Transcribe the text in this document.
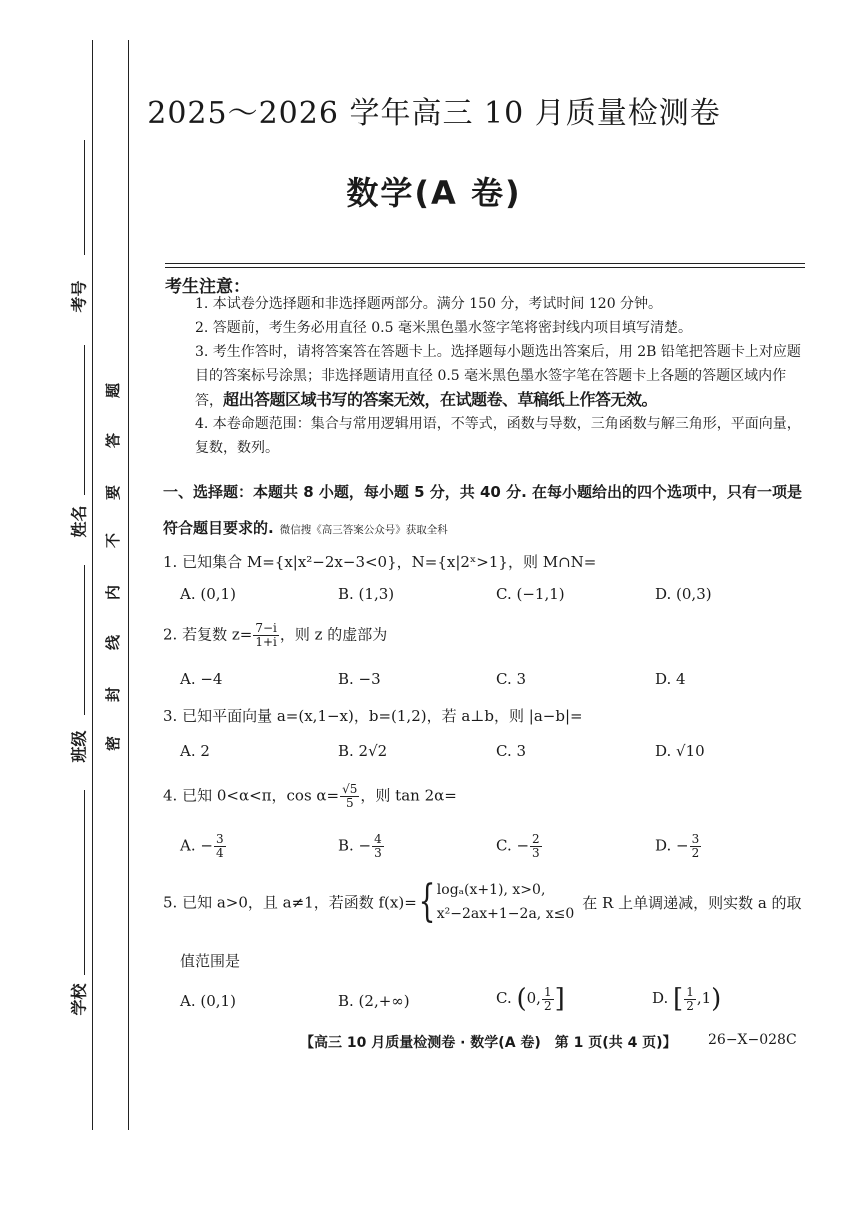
考号
姓名
班级
学校
题
答
要
不
内
线
封
密
2025～2026 学年高三 10 月质量检测卷
数学(A 卷)
考生注意：
1. 本试卷分选择题和非选择题两部分。满分 150 分，考试时间 120 分钟。
2. 答题前，考生务必用直径 0.5 毫米黑色墨水签字笔将密封线内项目填写清楚。
3. 考生作答时，请将答案答在答题卡上。选择题每小题选出答案后，用 2B 铅笔把答题卡上对应题目的答案标号涂黑；非选择题请用直径 0.5 毫米黑色墨水签字笔在答题卡上各题的答题区域内作答，超出答题区域书写的答案无效，在试题卷、草稿纸上作答无效。
4. 本卷命题范围：集合与常用逻辑用语，不等式，函数与导数，三角函数与解三角形，平面向量，复数，数列。
一、选择题：本题共 8 小题，每小题 5 分，共 40 分. 在每小题给出的四个选项中，只有一项是符合题目要求的. 微信搜《高三答案公众号》获取全科
1. 已知集合 M={x|x²−2x−3<0}，N={x|2ˣ>1}，则 M∩N=
A. (0,1)	B. (1,3)	C. (−1,1)	D. (0,3)
2. 若复数 $z= \frac{7-i}{1+i}$ ，则 z 的虚部为
A. −4	B. −3	C. 3	D. 4
3. 已知平面向量 a=(x,1−x)，b=(1,2)，若 a⊥b，则 |a−b|=
A. 2	B. 2√2	C. 3	D. √10
4. 已知 0<α<π，$\cos \alpha= \frac{√5}{5}$ ，则 tan 2α=
A. − $\frac{3}{4}$	B. − $\frac{4}{3}$	C. − $\frac{2}{3}$	D. − $\frac{3}{2}$
5. 已知 a>0，且 a≠1，若函数 f(x)={ logₐ(x+1), x>0,
x²−2ax+1−2a, x≤0
在 R 上单调递减，则实数 a 的取
值范围是
A. (0,1)	B. (2,+∞)	C. (0, $\frac{1}{2}$ ]	D. [ $\frac{1}{2} ,1$)
【高三 10 月质量检测卷 · 数学(A 卷)　第 1 页(共 4 页)】 26−X−028C
